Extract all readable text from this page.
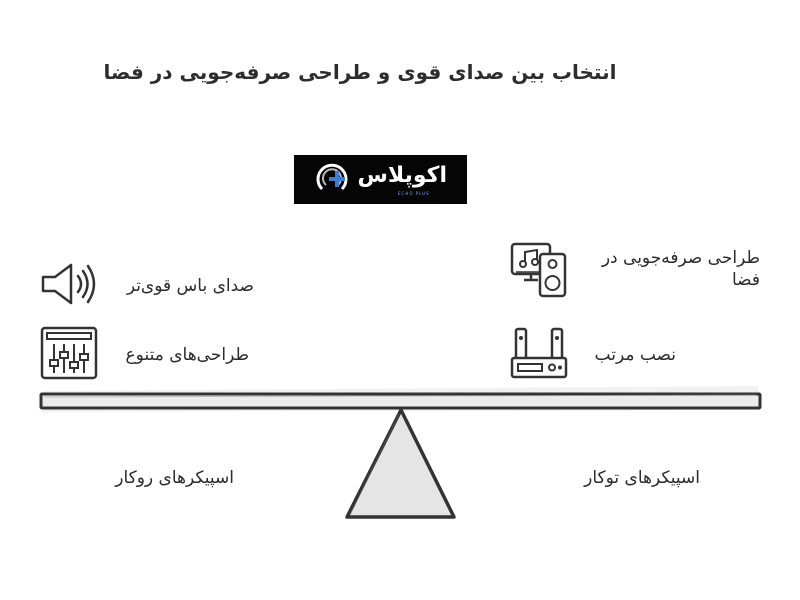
انتخاب بین صدای قوی و طراحی صرفه‌جویی در فضا
اکوپلاس
ECHO PLUS
صدای باس قوی‌تر
طراحی‌های متنوع
اسپیکرهای روکار
طراحی صرفه‌جویی در فضا
نصب مرتب
اسپیکرهای توکار
